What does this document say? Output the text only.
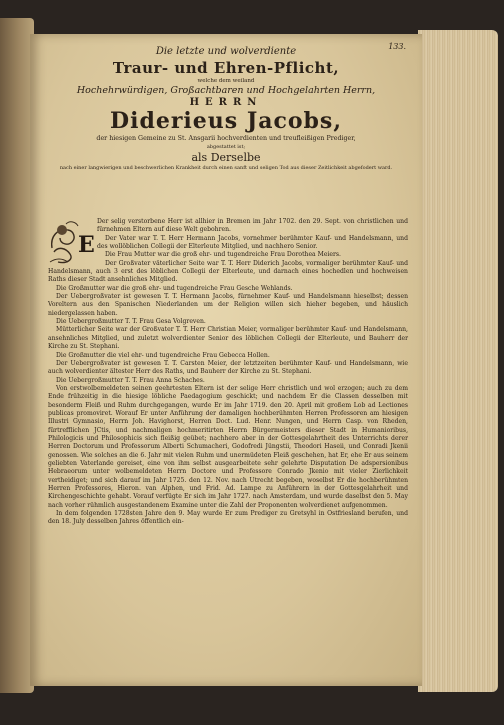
133.
Die letzte und wolverdiente
Traur- und Ehren-Pflicht,
welche dem weiland
Hochehrwürdigen, Großachtbaren und Hochgelahrten Herrn,
HERRN
Diderieus Jacobs,
der hiesigen Gemeine zu St. Ansgarii hochverdienten und treufleißigen Prediger,
abgestattet ist;
als Derselbe
nach einer langwierigen und beschwerlichen Krankheit durch einen sanft und seligen Tod aus dieser Zeitlichkeit abgefodert ward.
E

Der selig verstorbene Herr ist allhier in Bremen im Jahr 1702. den 29. Sept. von christlichen und fürnehmen Eltern auf diese Welt gebohren.

Der Vater war T. T. Herr Hermann Jacobs, vornehmer berühmter Kauf- und Handelsmann, und des wollöblichen Collegii der Elterleute Mitglied, und nachhero Senior.

Die Frau Mutter war die groß ehr- und tugendreiche Frau Dorothea Meiers.

Der Großvater väterlicher Seite war T. T. Herr Diderich Jacobs, vormaliger berühmter Kauf- und Handelsmann, auch 3 erst des löblichen Collegii der Elterleute, und darnach eines hochedlen und hochweisen Raths dieser Stadt ansehnliches Mitglied.

Die Großmutter war die groß ehr- und tugendreiche Frau Gesche Wehlands.

Der Uebergroßvater ist gewesen T. T. Hermann Jacobs, fürnehmer Kauf- und Handelsmann hieselbst; dessen Voreltern aus den Spanischen Niederlanden um der Religion willen sich hieher begeben, und häuslich niedergelassen haben.

Die Uebergroßmutter T. T. Frau Gesa Volgreven.

Mütterlicher Seite war der Großvater T. T. Herr Christian Meier, vormaliger berühmter Kauf- und Handelsmann, ansehnliches Mitglied, und zuletzt wolverdienter Senior des löblichen Collegii der Elterleute, und Bauherr der Kirche zu St. Stephani.

Die Großmutter die viel ehr- und tugendreiche Frau Gebecca Hollen.

Der Uebergroßvater ist gewesen T. T. Carsten Meier, der letztzeiten berühmter Kauf- und Handelsmann, wie auch wolverdienter ältester Herr des Raths, und Bauherr der Kirche zu St. Stephani.

Die Uebergroßmutter T. T. Frau Anna Schaches.

Von erstwolbemeldeten seinen geehrtesten Eltern ist der selige Herr christlich und wol erzogen; auch zu dem Ende frühzeitig in die hiesige löbliche Paedagogium geschickt; und nachdem Er die Classen desselben mit besonderm Fleiß und Ruhm durchgegangen, wurde Er im Jahr 1719. den 20. April mit großem Lob ad Lectiones publicas promoviret. Worauf Er unter Anführung der damaligen hochberühmten Herren Professoren am hiesigen Illustri Gymnasio, Herrn Joh. Havighorst, Herren Doct. Lud. Henr. Nungen, und Herrn Casp. von Rheden, fürtrefflichen JCtis, und nachmaligen hochmeritirten Herrn Bürgermeisters dieser Stadt in Humanioribus, Philologicis und Philosophicis sich fleißig geübet; nachhero aber in der Gottesgelahrtheit des Unterrichts derer Herren Doctorum und Professorum Alberti Schumacheri, Godofredi Jüngstii, Theodori Haseii, und Conradi Jkenii genossen. Wie solches an die 6. Jahr mit vielen Ruhm und unermüdeten Fleiß geschehen, hat Er, ehe Er aus seinem geliebten Vaterlande gereiset, eine von ihm selbst ausgearbeitete sehr gelehrte Disputation De adspersionibus Hebraeorum unter wolbemeldeten Herrn Doctore und Professore Conrado Jkenio mit vieler Zierlichkeit vertheidiget; und sich darauf im Jahr 1725. den 12. Nov. nach Utrecht begeben, woselbst Er die hochberühmten Herren Professores, Hieron. van Alphen, und Frid. Ad. Lampe zu Anführern in der Gottesgelahrheit und Kirchengeschichte gehabt. Vorauf verfügte Er sich im Jahr 1727. nach Amsterdam, und wurde daselbst den 5. May nach vorher rühmlich ausgestandenem Examine unter die Zahl der Proponenten wolverdienet aufgenommen.

In dem folgenden 1728sten Jahre den 9. May wurde Er zum Prediger zu Gretsyhl in Ostfriesland berufen, und den 18. July desselben Jahres öffentlich ein-
